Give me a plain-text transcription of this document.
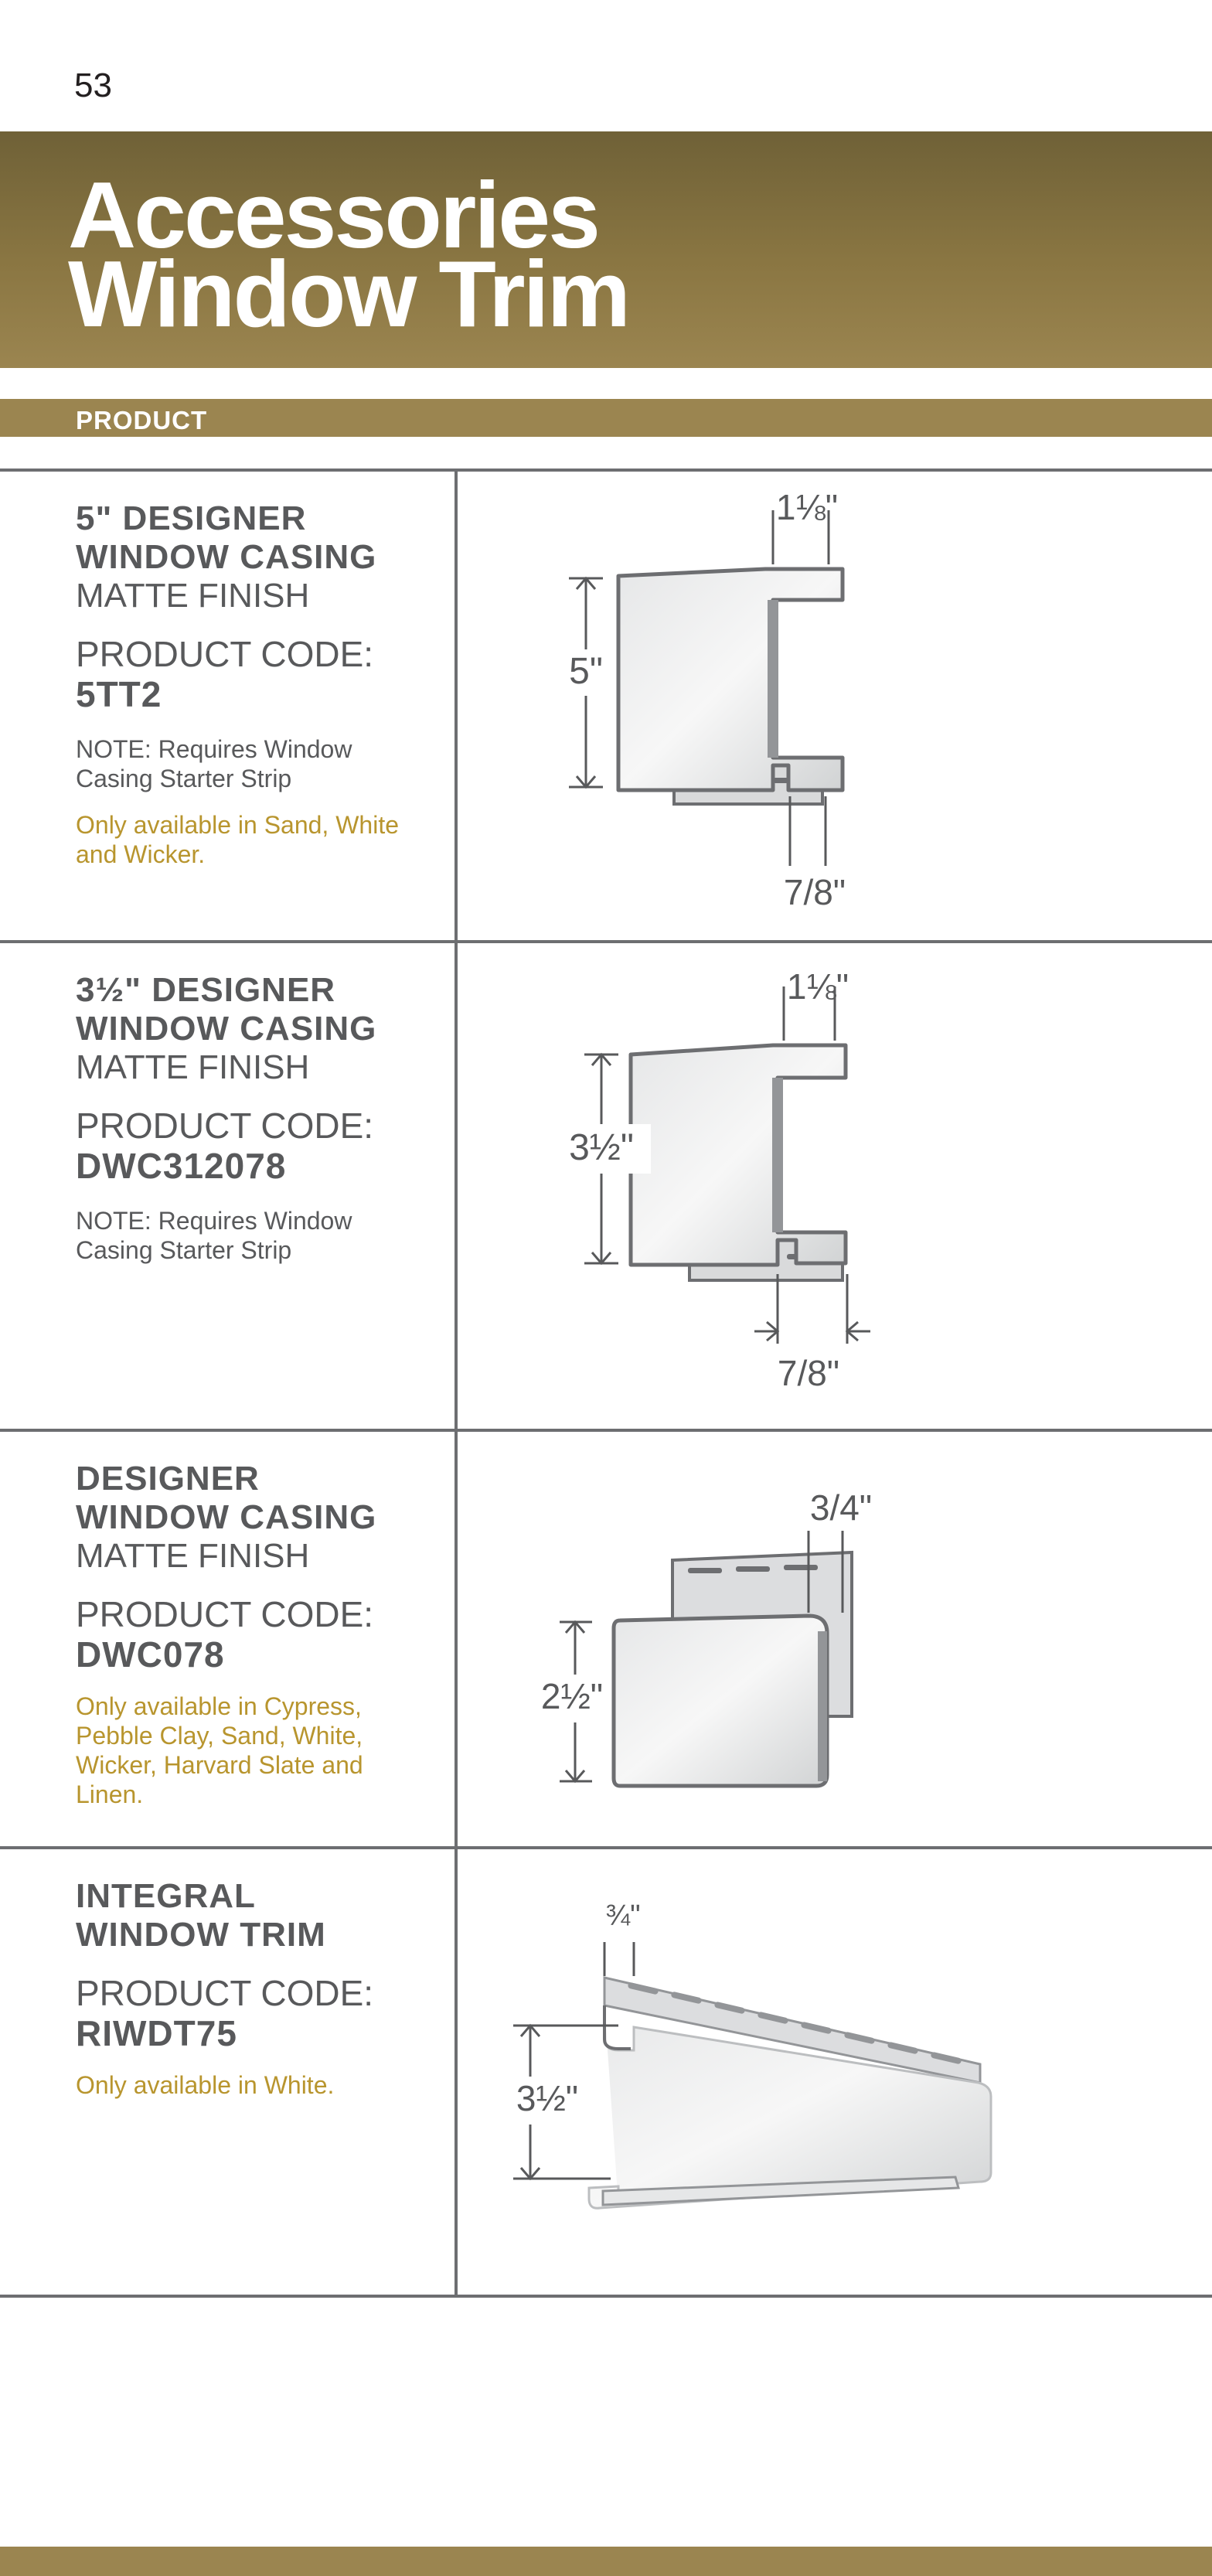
53
Accessories
Window Trim
PRODUCT
5" DESIGNER
WINDOW CASING
MATTE FINISH
PRODUCT CODE:
5TT2
NOTE: Requires Window
Casing Starter Strip
Only available in Sand, White
and Wicker.
1⅛"
5"
7/8"
3½" DESIGNER
WINDOW CASING
MATTE FINISH
PRODUCT CODE:
DWC312078
NOTE: Requires Window
Casing Starter Strip
1⅛"
3½"
7/8"
DESIGNER
WINDOW CASING
MATTE FINISH
PRODUCT CODE:
DWC078
Only available in Cypress,
Pebble Clay, Sand, White,
Wicker, Harvard Slate and
Linen.
3/4"
2½"
INTEGRAL
WINDOW TRIM
PRODUCT CODE:
RIWDT75
Only available in White.
¾"
3½"
